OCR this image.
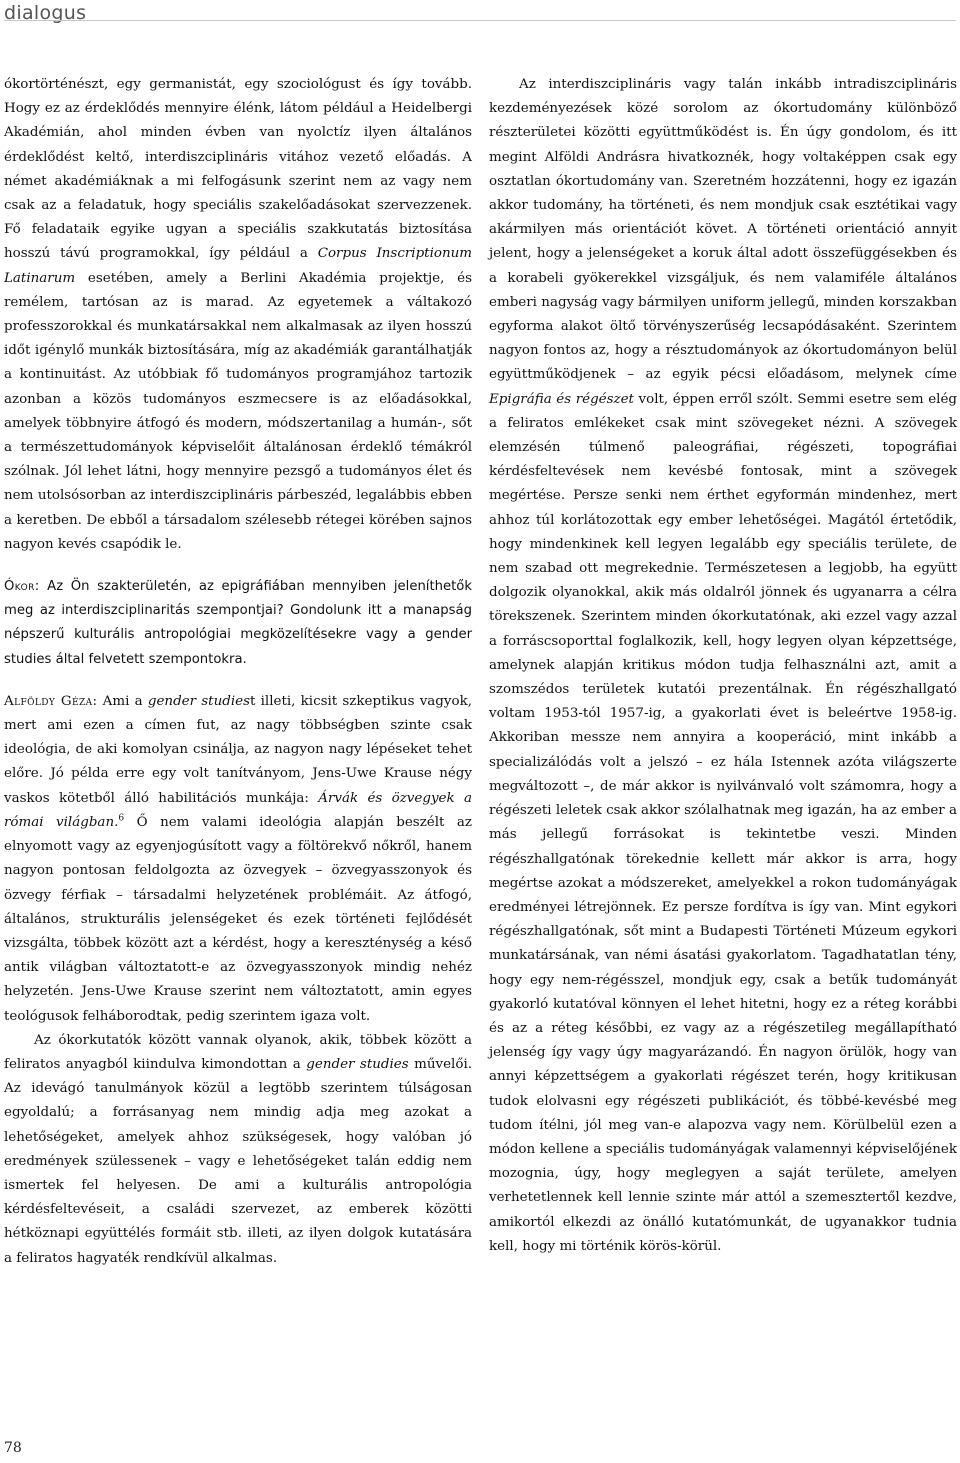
dialogus

ókortörténészt, egy germanistát, egy szociológust és így tovább. Hogy ez az érdeklődés mennyire élénk, látom például a Heidelbergi Akadémián, ahol minden évben van nyolctíz ilyen általános érdeklődést keltő, interdiszciplináris vitához vezető előadás. A német akadémiáknak a mi felfogásunk szerint nem az vagy nem csak az a feladatuk, hogy speciális szakelőadásokat szervezzenek. Fő feladataik egyike ugyan a speciális szakkutatás biztosítása hosszú távú programokkal, így például a Corpus Inscriptionum Latinarum esetében, amely a Berlini Akadémia projektje, és remélem, tartósan az is marad. Az egyetemek a váltakozó professzorokkal és munkatársakkal nem alkalmasak az ilyen hosszú időt igénylő munkák biztosítására, míg az akadémiák garantálhatják a kontinuitást. Az utóbbiak fő tudományos programjához tartozik azonban a közös tudományos eszmecsere is az előadásokkal, amelyek többnyire átfogó és modern, módszertanilag a humán-, sőt a természettudományok képviselőit általánosan érdeklő témákról szólnak. Jól lehet látni, hogy mennyire pezsgő a tudományos élet és nem utolsósorban az interdiszciplináris párbeszéd, legalábbis ebben a keretben. De ebből a társadalom szélesebb rétegei körében sajnos nagyon kevés csapódik le.

Ókor: Az Ön szakterületén, az epigráfiában mennyiben jeleníthetők meg az interdiszciplinaritás szempontjai? Gondolunk itt a manapság népszerű kulturális antropológiai megközelítésekre vagy a gender studies által felvetett szempontokra.

Alföldy Géza: Ami a gender studiest illeti, kicsit szkeptikus vagyok, mert ami ezen a címen fut, az nagy többségben szinte csak ideológia, de aki komolyan csinálja, az nagyon nagy lépéseket tehet előre. Jó példa erre egy volt tanítványom, Jens-Uwe Krause négy vaskos kötetből álló habilitációs munkája: Árvák és özvegyek a római világban.$^6$ Ő nem valami ideológia alapján beszélt az elnyomott vagy az egyenjogúsított vagy a föltörekvő nőkről, hanem nagyon pontosan feldolgozta az özvegyek – özvegyasszonyok és özvegy férfiak – társadalmi helyzetének problémáit. Az átfogó, általános, strukturális jelenségeket és ezek történeti fejlődését vizsgálta, többek között azt a kérdést, hogy a kereszténység a késő antik világban változtatott-e az özvegyasszonyok mindig nehéz helyzetén. Jens-Uwe Krause szerint nem változtatott, amin egyes teológusok felháborodtak, pedig szerintem igaza volt.

Az ókorkutatók között vannak olyanok, akik, többek között a feliratos anyagból kiindulva kimondottan a gender studies művelői. Az idevágó tanulmányok közül a legtöbb szerintem túlságosan egyoldalú; a forrásanyag nem mindig adja meg azokat a lehetőségeket, amelyek ahhoz szükségesek, hogy valóban jó eredmények szülessenek – vagy e lehetőségeket talán eddig nem ismertek fel helyesen. De ami a kulturális antropológia kérdésfeltevéseit, a családi szervezet, az emberek közötti hétköznapi együttélés formáit stb. illeti, az ilyen dolgok kutatására a feliratos hagyaték rendkívül alkalmas.

Az interdiszciplináris vagy talán inkább intradiszciplináris kezdeményezések közé sorolom az ókortudomány különböző részterületei közötti együttműködést is. Én úgy gondolom, és itt megint Alföldi Andrásra hivatkoznék, hogy voltaképpen csak egy osztatlan ókortudomány van. Szeretném hozzátenni, hogy ez igazán akkor tudomány, ha történeti, és nem mondjuk csak esztétikai vagy akármilyen más orientációt követ. A történeti orientáció annyit jelent, hogy a jelenségeket a koruk által adott összefüggésekben és a korabeli gyökerekkel vizsgáljuk, és nem valamiféle általános emberi nagyság vagy bármilyen uniform jellegű, minden korszakban egyforma alakot öltő törvényszerűség lecsapódásaként. Szerintem nagyon fontos az, hogy a résztudományok az ókortudományon belül együttműködjenek – az egyik pécsi előadásom, melynek címe Epigráfia és régészet volt, éppen erről szólt. Semmi esetre sem elég a feliratos emlékeket csak mint szövegeket nézni. A szövegek elemzésén túlmenő paleográfiai, régészeti, topográfiai kérdésfeltevések nem kevésbé fontosak, mint a szövegek megértése. Persze senki nem érthet egyformán mindenhez, mert ahhoz túl korlátozottak egy ember lehetőségei. Magától értetődik, hogy mindenkinek kell legyen legalább egy speciális területe, de nem szabad ott megrekednie. Természetesen a legjobb, ha együtt dolgozik olyanokkal, akik más oldalról jönnek és ugyanarra a célra törekszenek. Szerintem minden ókorkutatónak, aki ezzel vagy azzal a forráscsoporttal foglalkozik, kell, hogy legyen olyan képzettsége, amelynek alapján kritikus módon tudja felhasználni azt, amit a szomszédos területek kutatói prezentálnak. Én régészhallgató voltam 1953-tól 1957-ig, a gyakorlati évet is beleértve 1958-ig. Akkoriban messze nem annyira a kooperáció, mint inkább a specializálódás volt a jelszó – ez hála Istennek azóta világszerte megváltozott –, de már akkor is nyilvánvaló volt számomra, hogy a régészeti leletek csak akkor szólalhatnak meg igazán, ha az ember a más jellegű forrásokat is tekintetbe veszi. Minden régészhallgatónak törekednie kellett már akkor is arra, hogy megértse azokat a módszereket, amelyekkel a rokon tudományágak eredményei létrejönnek. Ez persze fordítva is így van. Mint egykori régészhallgatónak, sőt mint a Budapesti Történeti Múzeum egykori munkatársának, van némi ásatási gyakorlatom. Tagadhatatlan tény, hogy egy nem-régésszel, mondjuk egy, csak a betűk tudományát gyakorló kutatóval könnyen el lehet hitetni, hogy ez a réteg korábbi és az a réteg későbbi, ez vagy az a régészetileg megállapítható jelenség így vagy úgy magyarázandó. Én nagyon örülök, hogy van annyi képzettségem a gyakorlati régészet terén, hogy kritikusan tudok elolvasni egy régészeti publikációt, és többé-kevésbé meg tudom ítélni, jól meg van-e alapozva vagy nem. Körülbelül ezen a módon kellene a speciális tudományágak valamennyi képviselőjének mozognia, úgy, hogy meglegyen a saját területe, amelyen verhetetlennek kell lennie szinte már attól a szemesztertől kezdve, amikortól elkezdi az önálló kutatómunkát, de ugyanakkor tudnia kell, hogy mi történik körös-körül.

78
